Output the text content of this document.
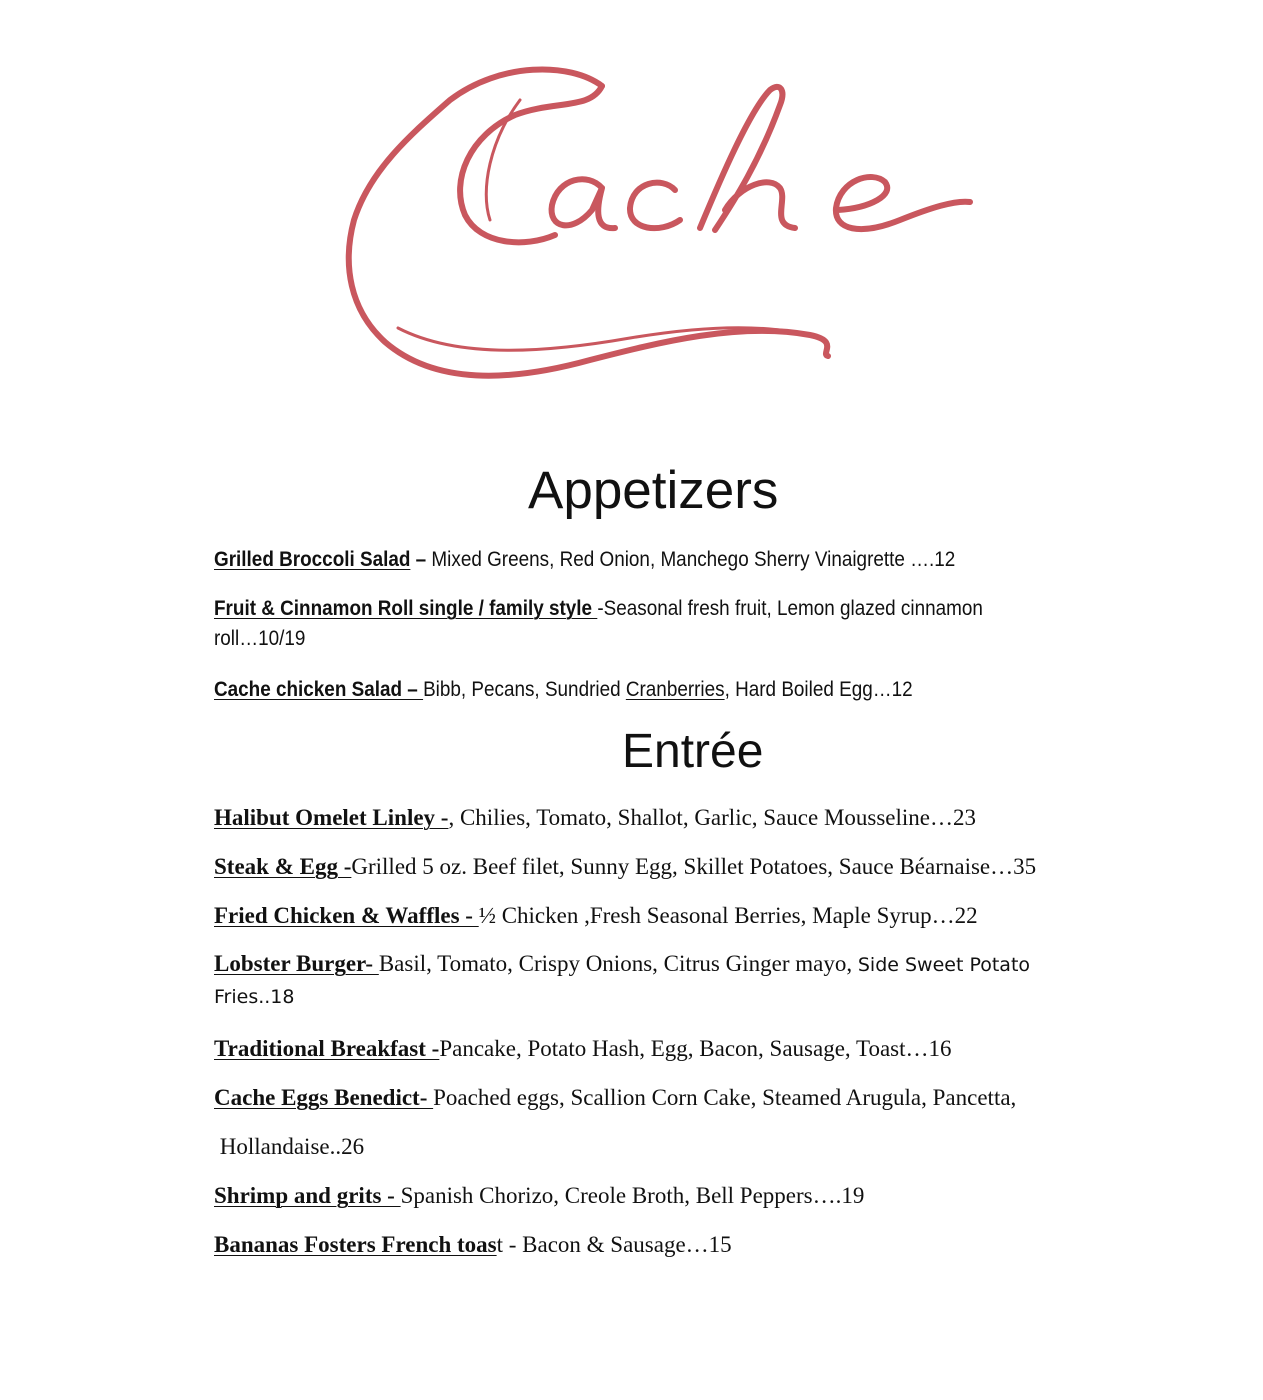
Appetizers
Grilled Broccoli Salad – Mixed Greens, Red Onion, Manchego Sherry Vinaigrette ….12
Fruit & Cinnamon Roll single / family style -Seasonal fresh fruit, Lemon glazed cinnamon
roll…10/19
Cache chicken Salad – Bibb, Pecans, Sundried Cranberries, Hard Boiled Egg…12
Entrée
Halibut Omelet Linley -, Chilies, Tomato, Shallot, Garlic, Sauce Mousseline…23
Steak & Egg -Grilled 5 oz. Beef filet, Sunny Egg, Skillet Potatoes, Sauce Béarnaise…35
Fried Chicken & Waffles - ½ Chicken ,Fresh Seasonal Berries, Maple Syrup…22
Lobster Burger- Basil, Tomato, Crispy Onions, Citrus Ginger mayo, Side Sweet Potato
Fries..18
Traditional Breakfast -Pancake, Potato Hash, Egg, Bacon, Sausage, Toast…16
Cache Eggs Benedict- Poached eggs, Scallion Corn Cake, Steamed Arugula, Pancetta,
Hollandaise..26
Shrimp and grits - Spanish Chorizo, Creole Broth, Bell Peppers….19
Bananas Fosters French toast - Bacon & Sausage…15
